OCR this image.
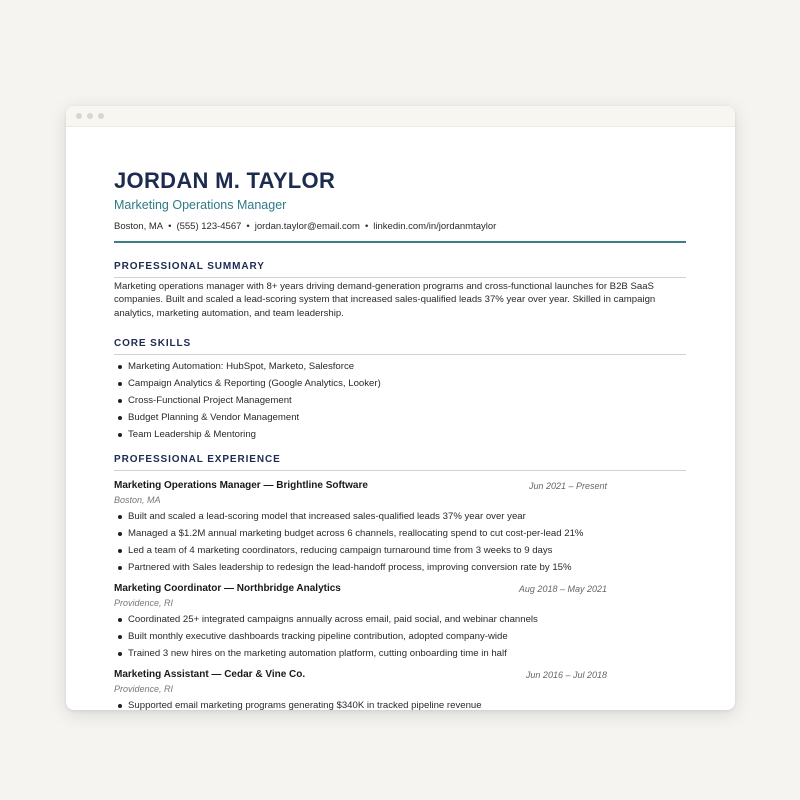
JORDAN M. TAYLOR
Marketing Operations Manager
Boston, MA • (555) 123-4567 • jordan.taylor@email.com • linkedin.com/in/jordanmtaylor
PROFESSIONAL SUMMARY

Marketing operations manager with 8+ years driving demand-generation programs and cross-functional launches for B2B SaaS companies. Built and scaled a lead-scoring system that increased sales-qualified leads 37% year over year. Skilled in campaign analytics, marketing automation, and team leadership.

CORE SKILLS
Marketing Automation: HubSpot, Marketo, Salesforce
Campaign Analytics & Reporting (Google Analytics, Looker)
Cross-Functional Project Management
Budget Planning & Vendor Management
Team Leadership & Mentoring
PROFESSIONAL EXPERIENCE
Marketing Operations Manager — Brightline Software	Jun 2021 – Present
Boston, MA
Built and scaled a lead-scoring model that increased sales-qualified leads 37% year over year
Managed a $1.2M annual marketing budget across 6 channels, reallocating spend to cut cost-per-lead 21%
Led a team of 4 marketing coordinators, reducing campaign turnaround time from 3 weeks to 9 days
Partnered with Sales leadership to redesign the lead-handoff process, improving conversion rate by 15%
Marketing Coordinator — Northbridge Analytics	Aug 2018 – May 2021
Providence, RI
Coordinated 25+ integrated campaigns annually across email, paid social, and webinar channels
Built monthly executive dashboards tracking pipeline contribution, adopted company-wide
Trained 3 new hires on the marketing automation platform, cutting onboarding time in half
Marketing Assistant — Cedar & Vine Co.	Jun 2016 – Jul 2018
Providence, RI
Supported email marketing programs generating $340K in tracked pipeline revenue
